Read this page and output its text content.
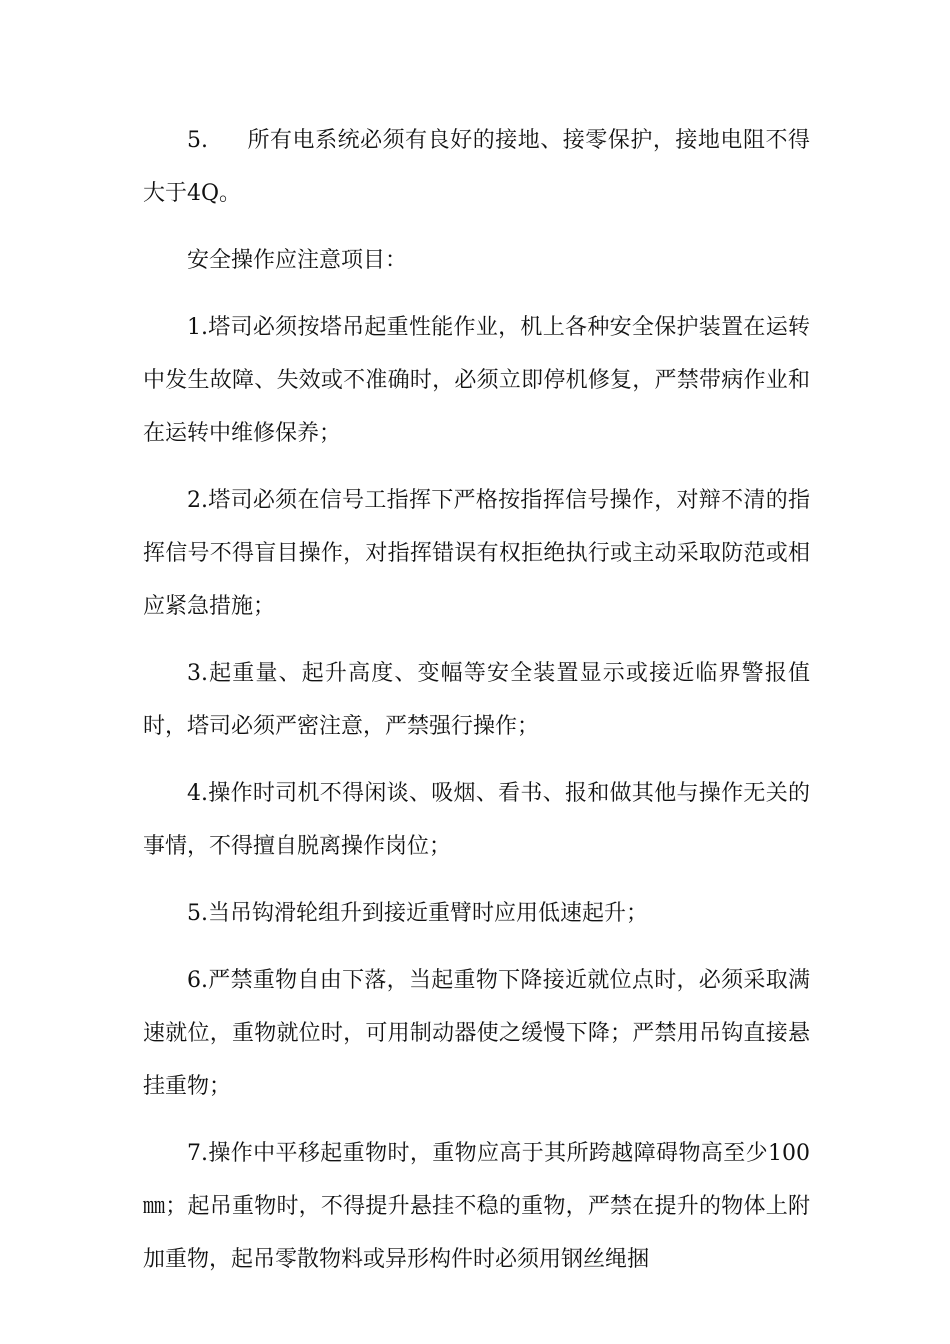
5. 所有电系统必须有良好的接地、接零保护，接地电阻不得大于4Q。

安全操作应注意项目：

1.塔司必须按塔吊起重性能作业，机上各种安全保护装置在运转中发生故障、失效或不准确时，必须立即停机修复，严禁带病作业和在运转中维修保养；

2.塔司必须在信号工指挥下严格按指挥信号操作，对辩不清的指挥信号不得盲目操作，对指挥错误有权拒绝执行或主动采取防范或相应紧急措施；

3.起重量、起升高度、变幅等安全装置显示或接近临界警报值时，塔司必须严密注意，严禁强行操作；

4.操作时司机不得闲谈、吸烟、看书、报和做其他与操作无关的事情，不得擅自脱离操作岗位；

5.当吊钩滑轮组升到接近重臂时应用低速起升；

6.严禁重物自由下落，当起重物下降接近就位点时，必须采取满速就位，重物就位时，可用制动器使之缓慢下降；严禁用吊钩直接悬挂重物；

7.操作中平移起重物时，重物应高于其所跨越障碍物高至少100㎜；起吊重物时，不得提升悬挂不稳的重物，严禁在提升的物体上附加重物，起吊零散物料或异形构件时必须用钢丝绳捆
